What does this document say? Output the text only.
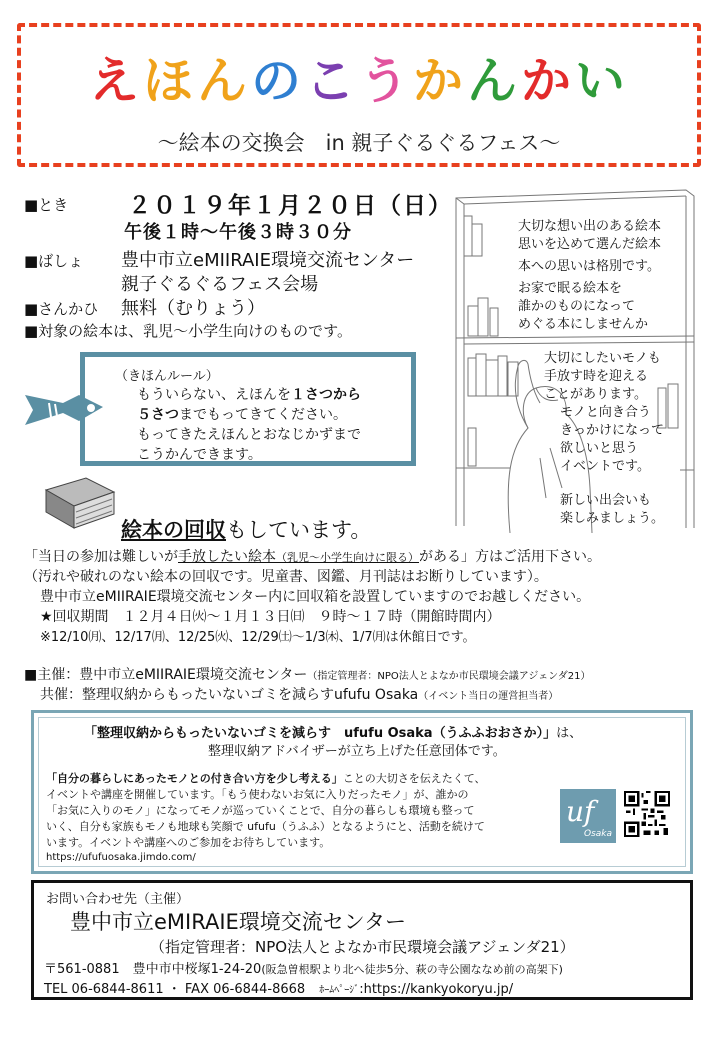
えほんのこうかんかい
〜絵本の交換会　in 親子ぐるぐるフェス〜
■とき	２０１９年１月２０日（日）
午後１時〜午後３時３０分
■ばしょ 豊中市立eMIIRAIE環境交流センター
親子ぐるぐるフェス会場
■さんかひ 無料（むりょう）
■対象の絵本は、乳児〜小学生向けのものです。
大切な想い出のある絵本
思いを込めて選んだ絵本
本への思いは格別です。
お家で眠る絵本を
誰かのものになって
めぐる本にしませんか
大切にしたいモノも
手放す時を迎える
ことがあります。
モノと向き合う
きっかけになって
欲しいと思う
イベントです。
新しい出会いも
楽しみましょう。
（きほんルール）
もういらない、えほんを１さつから
５さつまでもってきてください。
もってきたえほんとおなじかずまで
こうかんできます。
絵本の回収もしています。
「当日の参加は難しいが手放したい絵本（乳児〜小学生向けに限る）がある」方はご活用下さい。
（汚れや破れのない絵本の回収です。児童書、図鑑、月刊誌はお断りしています）。
豊中市立eMIIRAIE環境交流センター内に回収箱を設置していますのでお越しください。
★回収期間　１２月４日㈫〜１月１３日㈰　９時〜１７時（開館時間内）
※12/10㈪、12/17㈪、12/25㈫、12/29㈯〜1/3㈭、1/7㈪は休館日です。
■主催：豊中市立eMIIRAIE環境交流センター（指定管理者：NPO法人とよなか市民環境会議アジェンダ21）
共催：整理収納からもったいないゴミを減らすufufu Osaka（イベント当日の運営担当者）
「整理収納からもったいないゴミを減らす　ufufu Osaka（うふふおおさか）」は、
整理収納アドバイザーが立ち上げた任意団体です。
「自分の暮らしにあったモノとの付き合い方を少し考える」ことの大切さを伝えたくて、
イベントや講座を開催しています。「もう使わないお気に入りだったモノ」が、誰かの
「お気に入りのモノ」になってモノが巡っていくことで、自分の暮らしも環境も整って
いく、自分も家族もモノも地球も笑顔で ufufu（うふふ）となるようにと、活動を続けて
います。イベントや講座へのご参加をお待ちしています。
https://ufufuosaka.jimdo.com/
uf
Osaka
お問い合わせ先（主催）
豊中市立eMIRAIE環境交流センター
（指定管理者：NPO法人とよなか市民環境会議アジェンダ21）
〒561-0881　豊中市中桜塚1-24-20(阪急曽根駅より北へ徒歩5分、萩の寺公園ななめ前の高架下)
TEL 06-6844-8611 ・ FAX 06-6844-8668 ﾎｰﾑﾍﾟｰｼﾞ:https://kankyokoryu.jp/
